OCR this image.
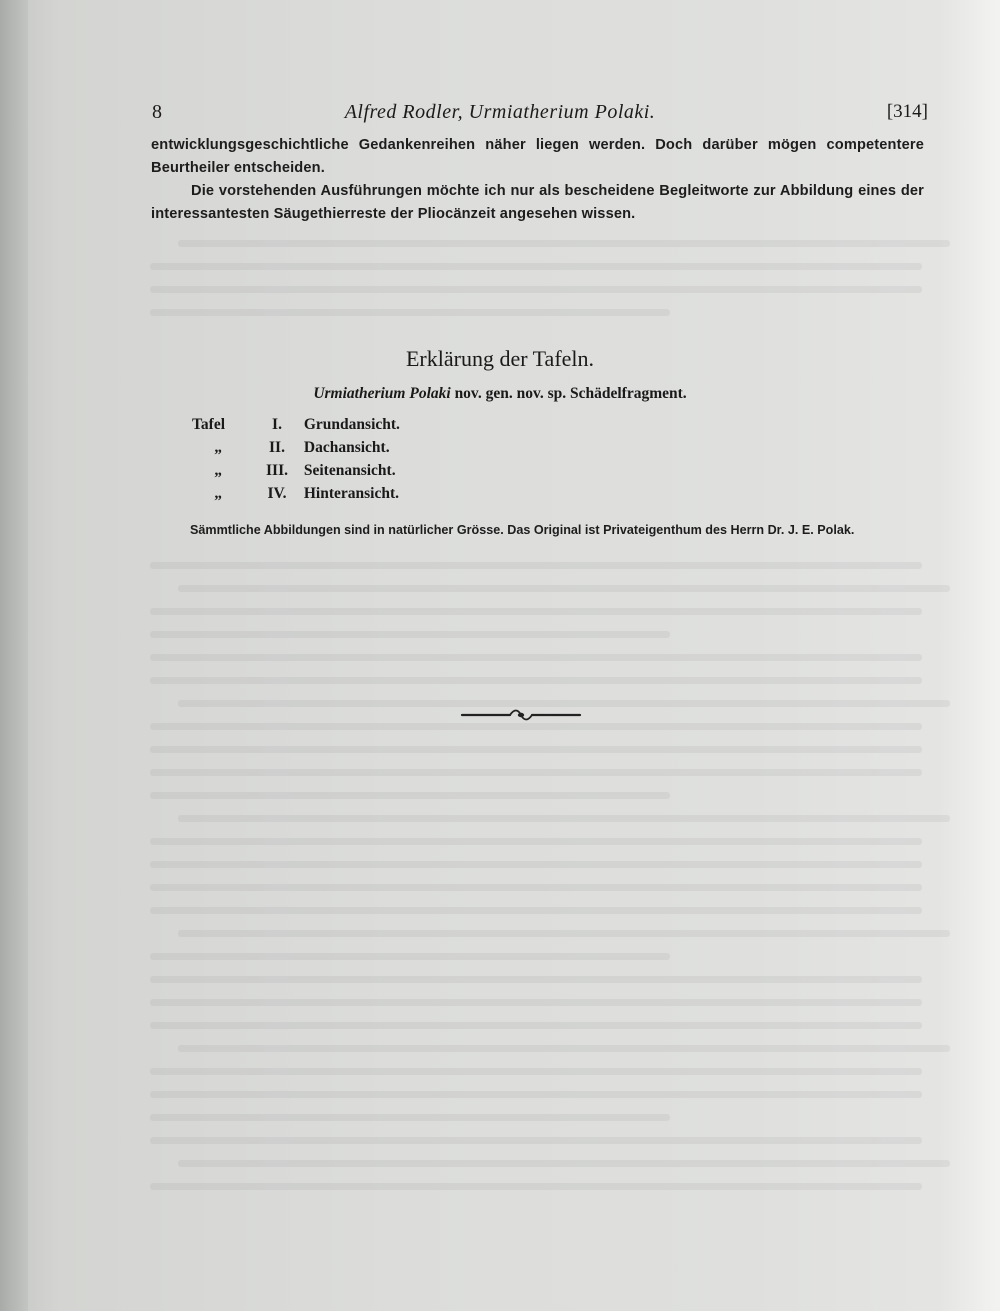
8	Alfred Rodler, Urmiatherium Polaki.	[314]
entwicklungsgeschichtliche Gedankenreihen näher liegen werden. Doch darüber mögen competentere
Beurtheiler entscheiden.
Die vorstehenden Ausführungen möchte ich nur als bescheidene Begleitworte zur Abbildung eines der
interessantesten Säugethierreste der Pliocänzeit angesehen wissen.
Erklärung der Tafeln.
Urmiatherium Polaki nov. gen. nov. sp. Schädelfragment.
Tafel	I. Grundansicht.
„	II. Dachansicht.
„	III. Seitenansicht.
„	IV. Hinteransicht.
Sämmtliche Abbildungen sind in natürlicher Grösse. Das Original ist Privateigenthum des Herrn Dr. J. E. Polak.
